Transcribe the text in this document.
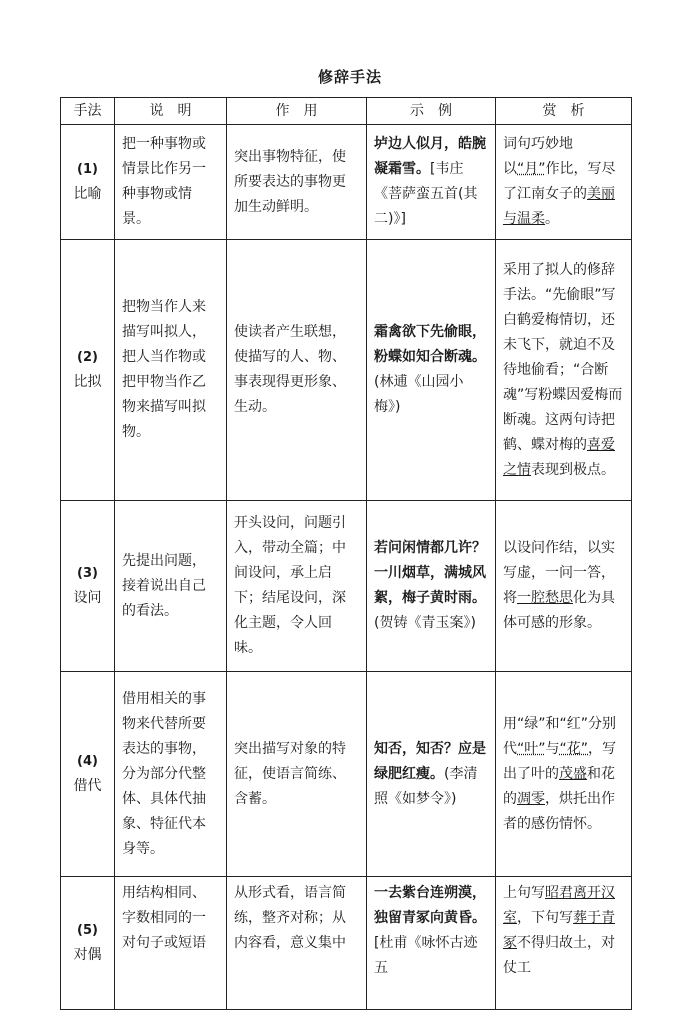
修辞手法
手法	说　明	作　用	示　例	赏　析

(1)
比喻	把一种事物或情景比作另一种事物或情景。	突出事物特征，使所要表达的事物更加生动鲜明。	垆边人似月，皓腕凝霜雪。[韦庄《菩萨蛮五首(其二)》]	词句巧妙地以“月”作比，写尽了江南女子的美丽与温柔。

(2)
比拟	把物当作人来描写叫拟人，把人当作物或把甲物当作乙物来描写叫拟物。	使读者产生联想，使描写的人、物、事表现得更形象、生动。	霜禽欲下先偷眼，粉蝶如知合断魂。
(林逋《山园小梅》)	采用了拟人的修辞手法。“先偷眼”写白鹤爱梅情切，还未飞下，就迫不及待地偷看；“合断魂”写粉蝶因爱梅而断魂。这两句诗把鹤、蝶对梅的喜爱之情表现到极点。

(3)
设问	先提出问题，接着说出自己的看法。	开头设问，问题引入，带动全篇；中间设问，承上启下；结尾设问，深化主题，令人回味。	若问闲情都几许？一川烟草，满城风絮，梅子黄时雨。
(贺铸《青玉案》)	以设问作结，以实写虚，一问一答，将一腔愁思化为具体可感的形象。

(4)
借代	借用相关的事物来代替所要表达的事物，分为部分代整体、具体代抽象、特征代本身等。	突出描写对象的特征，使语言简练、含蓄。	知否，知否？应是绿肥红瘦。(李清照《如梦令》)	用“绿”和“红”分别代“叶”与“花”，写出了叶的茂盛和花的凋零，烘托出作者的感伤情怀。

(5)
对偶	用结构相同、字数相同的一对句子或短语	从形式看，语言简练，整齐对称；从内容看，意义集中	一去紫台连朔漠，独留青冢向黄昏。
[杜甫《咏怀古迹五	上句写昭君离开汉室，下句写葬于青冢不得归故土，对仗工
